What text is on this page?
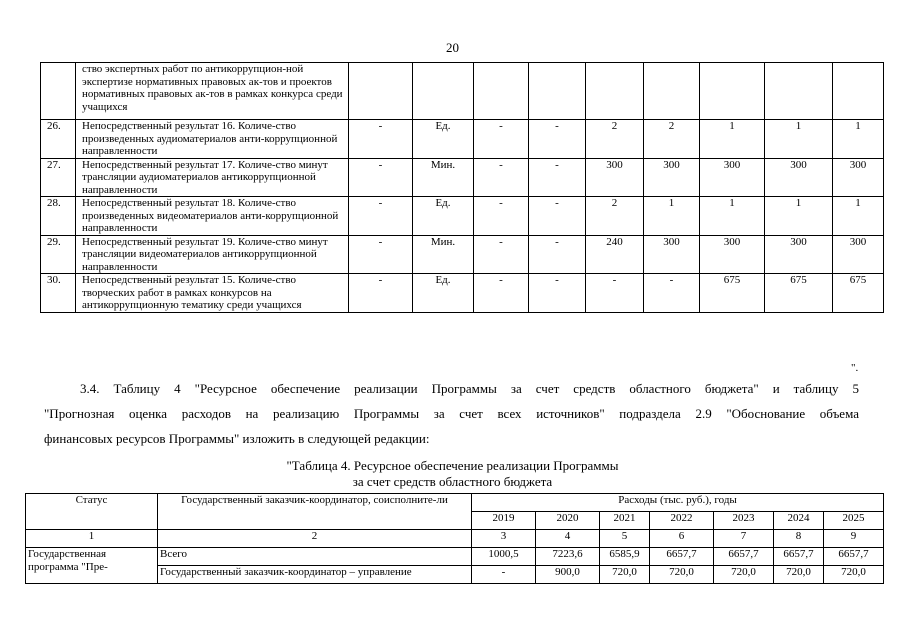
20
	ство экспертных работ по антикоррупцион-ной экспертизе нормативных правовых ак-тов и проектов нормативных правовых ак-тов в рамках конкурса среди учащихся									
26.	Непосредственный результат 16. Количе-ство произведенных аудиоматериалов анти-коррупционной направленности	-	Ед.	-	-	2	2	1	1	1
27.	Непосредственный результат 17. Количе-ство минут трансляции аудиоматериалов антикоррупционной направленности	-	Мин.	-	-	300	300	300	300	300
28.	Непосредственный результат 18. Количе-ство произведенных видеоматериалов анти-коррупционной направленности	-	Ед.	-	-	2	1	1	1	1
29.	Непосредственный результат 19. Количе-ство минут трансляции видеоматериалов антикоррупционной направленности	-	Мин.	-	-	240	300	300	300	300
30.	Непосредственный результат 15. Количе-ство творческих работ в рамках конкурсов на антикоррупционную тематику среди учащихся	-	Ед.	-	-	-	-	675	675	675
".
3.4. Таблицу 4 "Ресурсное обеспечение реализации Программы за счет средств областного бюджета" и таблицу 5
"Прогнозная оценка расходов на реализацию Программы за счет всех источников" подраздела 2.9 "Обоснование объема
финансовых ресурсов Программы" изложить в следующей редакции:
"Таблица 4. Ресурсное обеспечение реализации Программы
за счет средств областного бюджета
Статус	Государственный заказчик-координатор, соисполните-ли	Расходы (тыс. руб.), годы						
		2019	2020	2021	2022	2023	2024	2025
1	2	3	4	5	6	7	8	9
Государственная программа "Пре-	Всего	1000,5	7223,6	6585,9	6657,7	6657,7	6657,7	6657,7
	Государственный заказчик-координатор – управление	-	900,0	720,0	720,0	720,0	720,0	720,0
